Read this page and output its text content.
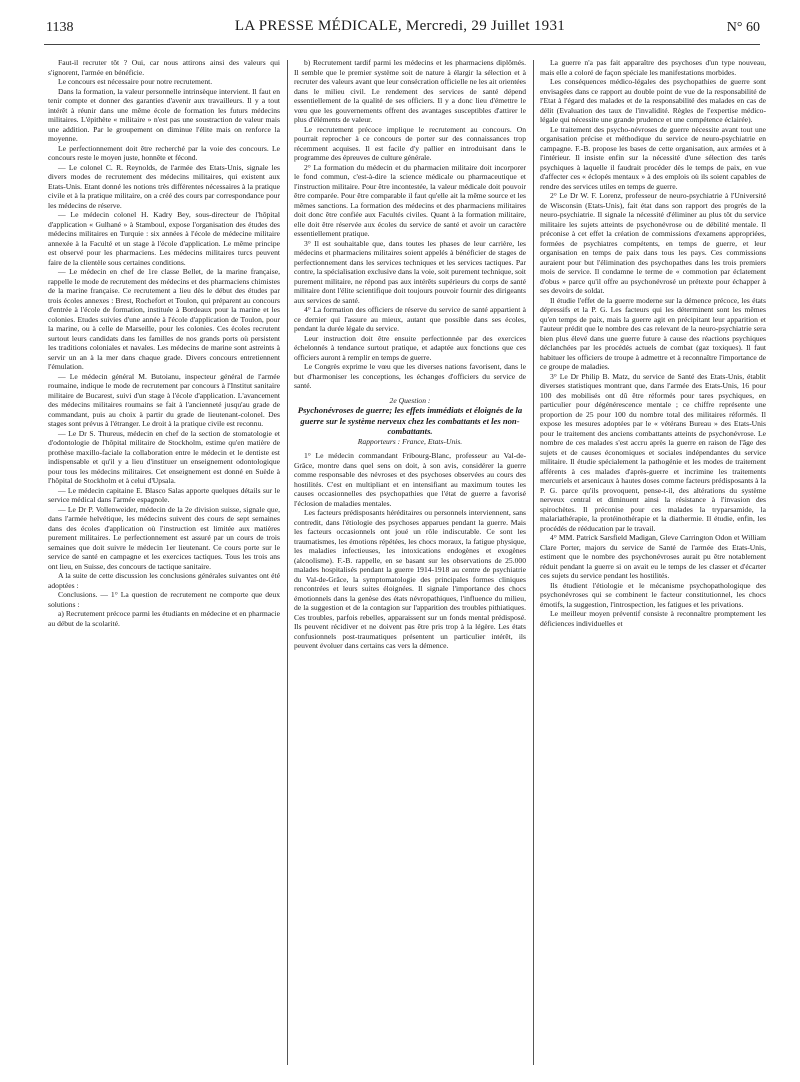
1138	LA PRESSE MÉDICALE, Mercredi, 29 Juillet 1931	N° 60

Faut-il recruter tôt ? Oui, car nous attirons ainsi des valeurs qui s'ignorent, l'armée en bénéficie.

Le concours est nécessaire pour notre recrutement.

Dans la formation, la valeur personnelle intrinsèque intervient. Il faut en tenir compte et donner des garanties d'avenir aux travailleurs. Il y a tout intérêt à réunir dans une même école de formation les futurs médecins militaires. L'épithète « militaire » n'est pas une soustraction de valeur mais une addition. Par le groupement on diminue l'élite mais on renforce la moyenne.

Le perfectionnement doit être recherché par la voie des concours. Le concours reste le moyen juste, honnête et fécond.

— Le colonel C. R. Reynolds, de l'armée des Etats-Unis, signale les divers modes de recrutement des médecins militaires, qui existent aux Etats-Unis. Etant donné les notions très différentes nécessaires à la pratique civile et à la pratique militaire, on a créé des cours par correspondance pour les médecins de réserve.

— Le médecin colonel H. Kadry Bey, sous-directeur de l'hôpital d'application « Gulhané » à Stamboul, expose l'organisation des études des médecins militaires en Turquie : six années à l'école de médecine militaire annexée à la Faculté et un stage à l'école d'application. Le même principe est observé pour les pharmaciens. Les médecins militaires turcs peuvent faire de la clientèle sous certaines conditions.

— Le médecin en chef de 1re classe Bellet, de la marine française, rappelle le mode de recrutement des médecins et des pharmaciens chimistes de la marine française. Ce recrutement a lieu dès le début des études par trois écoles annexes : Brest, Rochefort et Toulon, qui préparent au concours d'entrée à l'école de formation, instituée à Bordeaux pour la marine et les colonies. Etudes suivies d'une année à l'école d'application de Toulon, pour la marine, ou à celle de Marseille, pour les colonies. Ces écoles recrutent surtout leurs candidats dans les familles de nos grands ports où persistent les traditions coloniales et navales. Les médecins de marine sont astreints à servir un an à la mer dans chaque grade. Divers concours entretiennent l'émulation.

— Le médecin général M. Butoianu, inspecteur général de l'armée roumaine, indique le mode de recrutement par concours à l'Institut sanitaire militaire de Bucarest, suivi d'un stage à l'école d'application. L'avancement des médecins militaires roumains se fait à l'ancienneté jusqu'au grade de commandant, puis au choix à partir du grade de lieutenant-colonel. Des stages sont prévus à l'étranger. Le droit à la pratique civile est reconnu.

— Le Dr S. Thureus, médecin en chef de la section de stomatologie et d'odontologie de l'hôpital militaire de Stockholm, estime qu'en matière de prothèse maxillo-faciale la collaboration entre le médecin et le dentiste est indispensable et qu'il y a lieu d'instituer un enseignement odontologique pour tous les médecins militaires. Cet enseignement est donné en Suède à l'hôpital de Stockholm et à celui d'Upsala.

— Le médecin capitaine E. Blasco Salas apporte quelques détails sur le service médical dans l'armée espagnole.

— Le Dr P. Vollenweider, médecin de la 2e division suisse, signale que, dans l'armée helvétique, les médecins suivent des cours de sept semaines dans des écoles d'application où l'instruction est limitée aux matières purement militaires. Le perfectionnement est assuré par un cours de trois semaines que doit suivre le médecin 1er lieutenant. Ce cours porte sur le service de santé en campagne et les exercices tactiques. Tous les trois ans ont lieu, en Suisse, des concours de tactique sanitaire.

A la suite de cette discussion les conclusions générales suivantes ont été adoptées :

Conclusions. — 1° La question de recrutement ne comporte que deux solutions :

a) Recrutement précoce parmi les étudiants en médecine et en pharmacie au début de la scolarité.

b) Recrutement tardif parmi les médecins et les pharmaciens diplômés. Il semble que le premier système soit de nature à élargir la sélection et à recruter des valeurs avant que leur consécration officielle ne les ait orientées dans le milieu civil. Le rendement des services de santé dépend essentiellement de la qualité de ses officiers. Il y a donc lieu d'émettre le vœu que les gouvernements offrent des avantages susceptibles d'attirer le plus d'éléments de valeur.

Le recrutement précoce implique le recrutement au concours. On pourrait reprocher à ce concours de porter sur des connaissances trop récemment acquises. Il est facile d'y pallier en introduisant dans le programme des épreuves de culture générale.

2° La formation du médecin et du pharmacien militaire doit incorporer le fond commun, c'est-à-dire la science médicale ou pharmaceutique et l'instruction militaire. Pour être incontestée, la valeur médicale doit pouvoir être comparée. Pour être comparable il faut qu'elle ait la même source et les mêmes sanctions. La formation des médecins et des pharmaciens militaires doit donc être confiée aux Facultés civiles. Quant à la formation militaire, elle doit être réservée aux écoles du service de santé et avoir un caractère essentiellement pratique.

3° Il est souhaitable que, dans toutes les phases de leur carrière, les médecins et pharmaciens militaires soient appelés à bénéficier de stages de perfectionnement dans les services techniques et les services tactiques. Par contre, la spécialisation exclusive dans la voie, soit purement technique, soit purement militaire, ne répond pas aux intérêts supérieurs du corps de santé militaire dont l'élite scientifique doit toujours pouvoir fournir des dirigeants aux services de santé.

4° La formation des officiers de réserve du service de santé appartient à ce dernier qui l'assure au mieux, autant que possible dans ses écoles, pendant la durée légale du service.

Leur instruction doit être ensuite perfectionnée par des exercices échelonnés à tendance surtout pratique, et adaptée aux fonctions que ces officiers auront à remplir en temps de guerre.

Le Congrès exprime le vœu que les diverses nations favorisent, dans le but d'harmoniser les conceptions, les échanges d'officiers du service de santé.

2e Question :

Psychonévroses de guerre; les effets immédiats et éloignés de la guerre sur le système nerveux chez les combattants et les non-combattants.

Rapporteurs : France, Etats-Unis.

1° Le médecin commandant Fribourg-Blanc, professeur au Val-de-Grâce, montre dans quel sens on doit, à son avis, considérer la guerre comme responsable des névroses et des psychoses observées au cours des hostilités. C'est en multipliant et en intensifiant au maximum toutes les causes occasionnelles des psychopathies que l'état de guerre a favorisé l'éclosion de maladies mentales.

Les facteurs prédisposants héréditaires ou personnels interviennent, sans contredit, dans l'étiologie des psychoses apparues pendant la guerre. Mais les facteurs occasionnels ont joué un rôle indiscutable. Ce sont les traumatismes, les émotions répétées, les chocs moraux, la fatigue physique, les maladies infectieuses, les intoxications endogènes et exogènes (alcoolisme). F.-B. rappelle, en se basant sur les observations de 25.000 malades hospitalisés pendant la guerre 1914-1918 au centre de psychiatrie du Val-de-Grâce, la symptomatologie des principales formes cliniques rencontrées et leurs suites éloignées. Il signale l'importance des chocs émotionnels dans la genèse des états névropathiques, l'influence du milieu, de la suggestion et de la contagion sur l'apparition des troubles pithiatiques. Ces troubles, parfois rebelles, apparaissent sur un fonds mental prédisposé. Ils peuvent récidiver et ne doivent pas être pris trop à la légère. Les états confusionnels post-traumatiques présentent un particulier intérêt, ils peuvent évoluer dans certains cas vers la démence.

La guerre n'a pas fait apparaître des psychoses d'un type nouveau, mais elle a coloré de façon spéciale les manifestations morbides.

Les conséquences médico-légales des psychopathies de guerre sont envisagées dans ce rapport au double point de vue de la responsabilité de l'Etat à l'égard des malades et de la responsabilité des malades en cas de délit (Evaluation des taux de l'invalidité. Règles de l'expertise médico-légale qui nécessite une grande prudence et une compétence éclairée).

Le traitement des psycho-névroses de guerre nécessite avant tout une organisation précise et méthodique du service de neuro-psychiatrie en campagne. F.-B. propose les bases de cette organisation, aux armées et à l'intérieur. Il insiste enfin sur la nécessité d'une sélection des tarés psychiques à laquelle il faudrait procéder dès le temps de paix, en vue d'affecter ces « éclopés mentaux » à des emplois où ils soient capables de rendre des services utiles en temps de guerre.

2° Le Dr W. F. Lorenz, professeur de neuro-psychiatrie à l'Université de Wisconsin (Etats-Unis), fait état dans son rapport des progrès de la neuro-psychiatrie. Il signale la nécessité d'éliminer au plus tôt du service militaire les sujets atteints de psychonévrose ou de débilité mentale. Il préconise à cet effet la création de commissions d'examens appropriées, formées de psychiatres compétents, en temps de guerre, et leur organisation en temps de paix dans tous les pays. Ces commissions auraient pour but l'élimination des psychopathes dans les trois premiers mois de service. Il condamne le terme de « commotion par éclatement d'obus » parce qu'il offre au psychonévrosé un prétexte pour échapper à ses devoirs de soldat.

Il étudie l'effet de la guerre moderne sur la démence précoce, les états dépressifs et la P. G. Les facteurs qui les déterminent sont les mêmes qu'en temps de paix, mais la guerre agit en précipitant leur apparition et l'auteur prédit que le nombre des cas relevant de la neuro-psychiatrie sera bien plus élevé dans une guerre future à cause des réactions psychiques déclanchées par les procédés actuels de combat (gaz toxiques). Il faut habituer les officiers de troupe à admettre et à reconnaître l'importance de ce groupe de maladies.

3° Le Dr Philip B. Matz, du service de Santé des Etats-Unis, établit diverses statistiques montrant que, dans l'armée des Etats-Unis, 16 pour 100 des mobilisés ont dû être réformés pour tares psychiques, en particulier pour dégénérescence mentale ; ce chiffre représente une proportion de 25 pour 100 du nombre total des militaires réformés. Il expose les mesures adoptées par le « vétérans Bureau » des Etats-Unis pour le traitement des anciens combattants atteints de psychonévrose. Le nombre de ces malades s'est accru après la guerre en raison de l'âge des sujets et de causes économiques et sociales indépendantes du service militaire. Il étudie spécialement la pathogénie et les modes de traitement afférents à ces malades d'après-guerre et incrimine les traitements mercuriels et arsenicaux à hautes doses comme facteurs prédisposants à la P. G. parce qu'ils provoquent, pense-t-il, des altérations du système nerveux central et diminuent ainsi la résistance à l'invasion des spirochètes. Il préconise pour ces malades la tryparsamide, la malariathérapie, la protéinothérapie et la diathermie. Il étudie, enfin, les procédés de rééducation par le travail.

4° MM. Patrick Sarsfield Madigan, Gleve Carrington Odon et William Clare Porter, majors du service de Santé de l'armée des Etats-Unis, estiment que le nombre des psychonévroses aurait pu être notablement réduit pendant la guerre si on avait eu le temps de les classer et d'écarter ces sujets du service pendant les hostilités.

Ils étudient l'étiologie et le mécanisme psychopathologique des psychonévroses qui se combinent le facteur constitutionnel, les chocs émotifs, la suggestion, l'introspection, les fatigues et les privations.

Le meilleur moyen préventif consiste à reconnaître promptement les déficiences individuelles et
